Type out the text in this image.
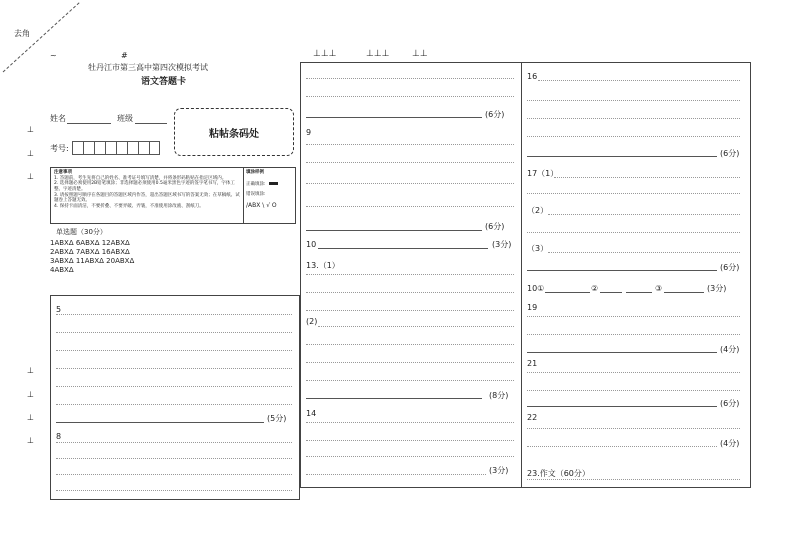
去角
~	#	⊥⊥⊥	⊥⊥⊥ ⊥⊥
⊥
⊥
⊥
⊥
⊥
⊥
⊥
牡丹江市第三高中第四次模拟考试
语文答题卡
姓名	班级
考号:
粘帖条码处
注意事项
1. 答题前，考生先将自己的姓名、准考证号填写清楚，并将条形码粘贴在指定区域内。
2. 选择题必须使用2B铅笔填涂；非选择题必须使用0.5毫米黑色字迹的签字笔书写，字体工整、字迹清楚。
3. 请按照题号顺序在各题目的答题区域内作答，超出答题区域书写的答案无效；在草稿纸、试题卷上答题无效。
4. 保持卡面清洁，不要折叠、不要弄破、弄皱，不准使用涂改液、刮纸刀。
填涂样例
正确填涂:
错误填涂:
/ABX \ √ O
单选题（30分）
1ABXΔ 6ABXΔ 12ABXΔ
2ABXΔ 7ABXΔ 16ABXΔ
3ABXΔ 11ABXΔ 20ABXΔ
4ABXΔ
5
(5分)
8
(6分)
9
(6分)
10	(3分)
13.（1）
(2)
(8分)
14
(3分)
16
(6分)
17（1）
（2）
（3）
(6分)
10①	②	③	(3分)
19
(4分)
21
(6分)
22
(4分)
23.作文（60分）
